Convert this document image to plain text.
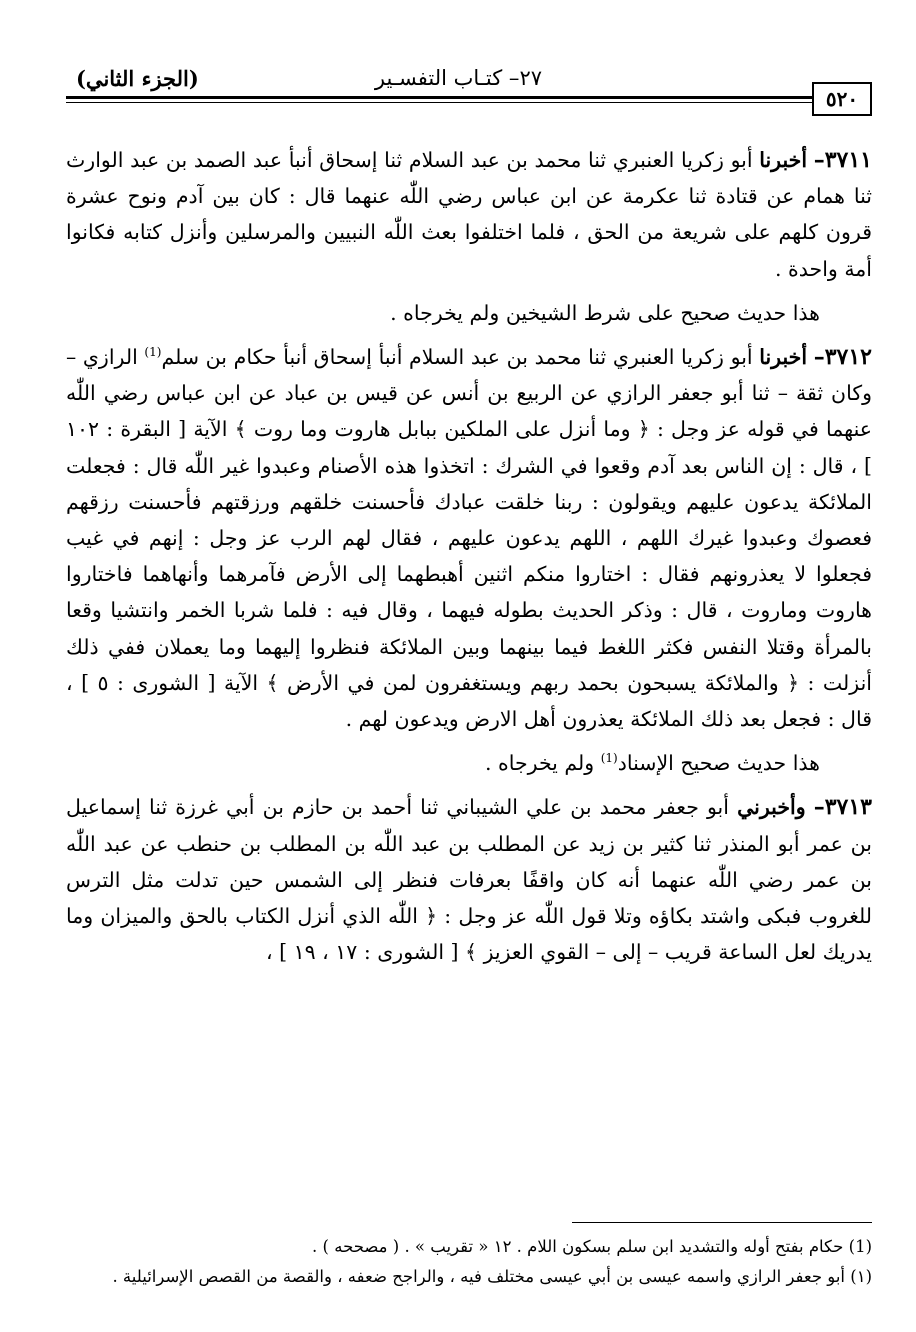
٥٢٠
٢٧– كتـاب التفسـير
(الجزء الثاني)

٣٧١١– أخبرنا أبو زكريا العنبري ثنا محمد بن عبد السلام ثنا إسحاق أنبأ عبد الصمد بن عبد الوارث ثنا همام عن قتادة ثنا عكرمة عن ابن عباس رضي اللّٰه عنهما قال : كان بين آدم ونوح عشرة قرون كلهم على شريعة من الحق ، فلما اختلفوا بعث اللّٰه النبيين والمرسلين وأنزل كتابه فكانوا أمة واحدة .

هذا حديث صحيح على شرط الشيخين ولم يخرجاه .

٣٧١٢– أخبرنا أبو زكريا العنبري ثنا محمد بن عبد السلام أنبأ إسحاق أنبأ حكام بن سلم$^{(1)}$ الرازي – وكان ثقة – ثنا أبو جعفر الرازي عن الربيع بن أنس عن قيس بن عباد عن ابن عباس رضي اللّٰه عنهما في قوله عز وجل : ﴿ وما أنزل على الملكين ببابل هاروت وما روت ﴾ الآية [ البقرة : ١٠٢ ] ، قال : إن الناس بعد آدم وقعوا في الشرك : اتخذوا هذه الأصنام وعبدوا غير اللّٰه قال : فجعلت الملائكة يدعون عليهم ويقولون : ربنا خلقت عبادك فأحسنت خلقهم ورزقتهم فأحسنت رزقهم فعصوك وعبدوا غيرك اللهم ، اللهم يدعون عليهم ، فقال لهم الرب عز وجل : إنهم في غيب فجعلوا لا يعذرونهم فقال : اختاروا منكم اثنين أهبطهما إلى الأرض فآمرهما وأنهاهما فاختاروا هاروت وماروت ، قال : وذكر الحديث بطوله فيهما ، وقال فيه : فلما شربا الخمر وانتشيا وقعا بالمرأة وقتلا النفس فكثر اللغط فيما بينهما وبين الملائكة فنظروا إليهما وما يعملان ففي ذلك أنزلت : ﴿ والملائكة يسبحون بحمد ربهم ويستغفرون لمن في الأرض ﴾ الآية [ الشورى : ٥ ] ، قال : فجعل بعد ذلك الملائكة يعذرون أهل الارض ويدعون لهم .

هذا حديث صحيح الإسناد$^{(1)}$ ولم يخرجاه .

٣٧١٣– وأخبرني أبو جعفر محمد بن علي الشيباني ثنا أحمد بن حازم بن أبي غرزة ثنا إسماعيل بن عمر أبو المنذر ثنا كثير بن زيد عن المطلب بن عبد اللّٰه بن المطلب بن حنطب عن عبد اللّٰه بن عمر رضي اللّٰه عنهما أنه كان واقفًا بعرفات فنظر إلى الشمس حين تدلت مثل الترس للغروب فبكى واشتد بكاؤه وتلا قول اللّٰه عز وجل : ﴿ اللّٰه الذي أنزل الكتاب بالحق والميزان وما يدريك لعل الساعة قريب – إلى – القوي العزيز ﴾ [ الشورى : ١٧ ، ١٩ ] ،

(1) حكام بفتح أوله والتشديد ابن سلم بسكون اللام . ١٢ « تقريب » . ( مصححه ) .

(١) أبو جعفر الرازي واسمه عيسى بن أبي عيسى مختلف فيه ، والراجح ضعفه ، والقصة من القصص الإسرائيلية .
